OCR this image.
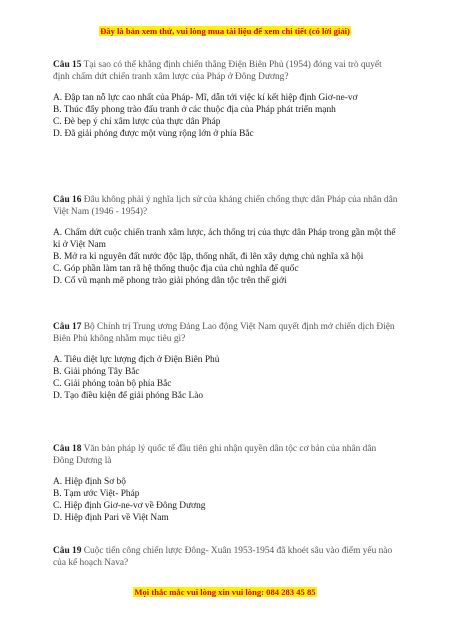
Đây là bản xem thử, vui lòng mua tài liệu để xem chi tiết (có lời giải)

Câu 15 Tại sao có thể khẳng định chiến thắng Điện Biên Phủ (1954) đóng vai trò quyết định chấm dứt chiến tranh xâm lược của Pháp ở Đông Dương?

A. Đập tan nỗ lực cao nhất của Pháp- Mĩ, dẫn tới việc kí kết hiệp định Giơ-ne-vơ

B. Thúc đẩy phong trào đấu tranh ở các thuộc địa của Pháp phát triển mạnh

C. Đè bẹp ý chí xâm lược của thực dân Pháp

D. Đã giải phóng được một vùng rộng lớn ở phía Bắc

Câu 16 Đâu không phải ý nghĩa lịch sử của kháng chiến chống thực dân Pháp của nhân dân Việt Nam (1946 - 1954)?

A. Chấm dứt cuộc chiến tranh xâm lược, ách thống trị của thực dân Pháp trong gần một thế kỉ ở Việt Nam

B. Mở ra kỉ nguyên đất nước độc lập, thống nhất, đi lên xây dựng chủ nghĩa xã hội

C. Góp phần làm tan rã hệ thống thuộc địa của chủ nghĩa đế quốc

D. Cổ vũ mạnh mẽ phong trào giải phóng dân tộc trên thế giới

Câu 17 Bộ Chính trị Trung ương Đảng Lao động Việt Nam quyết định mở chiến dịch Điện Biên Phủ không nhằm mục tiêu gì?

A. Tiêu diệt lực lượng địch ở Điện Biên Phủ

B. Giải phóng Tây Bắc

C. Giải phóng toàn bộ phía Bắc

D. Tạo điều kiện để giải phóng Bắc Lào

Câu 18 Văn bản pháp lý quốc tế đầu tiên ghi nhận quyền dân tộc cơ bản của nhân dân Đông Dương là

A. Hiệp định Sơ bộ

B. Tạm ước Việt- Pháp

C. Hiệp định Giơ-ne-vơ về Đông Dương

D. Hiệp định Pari về Việt Nam

Câu 19 Cuộc tiến công chiến lược Đông- Xuân 1953-1954 đã khoét sâu vào điểm yếu nào của kế hoạch Nava?

Mọi thắc mắc vui lòng xin vui lòng: 084 283 45 85
